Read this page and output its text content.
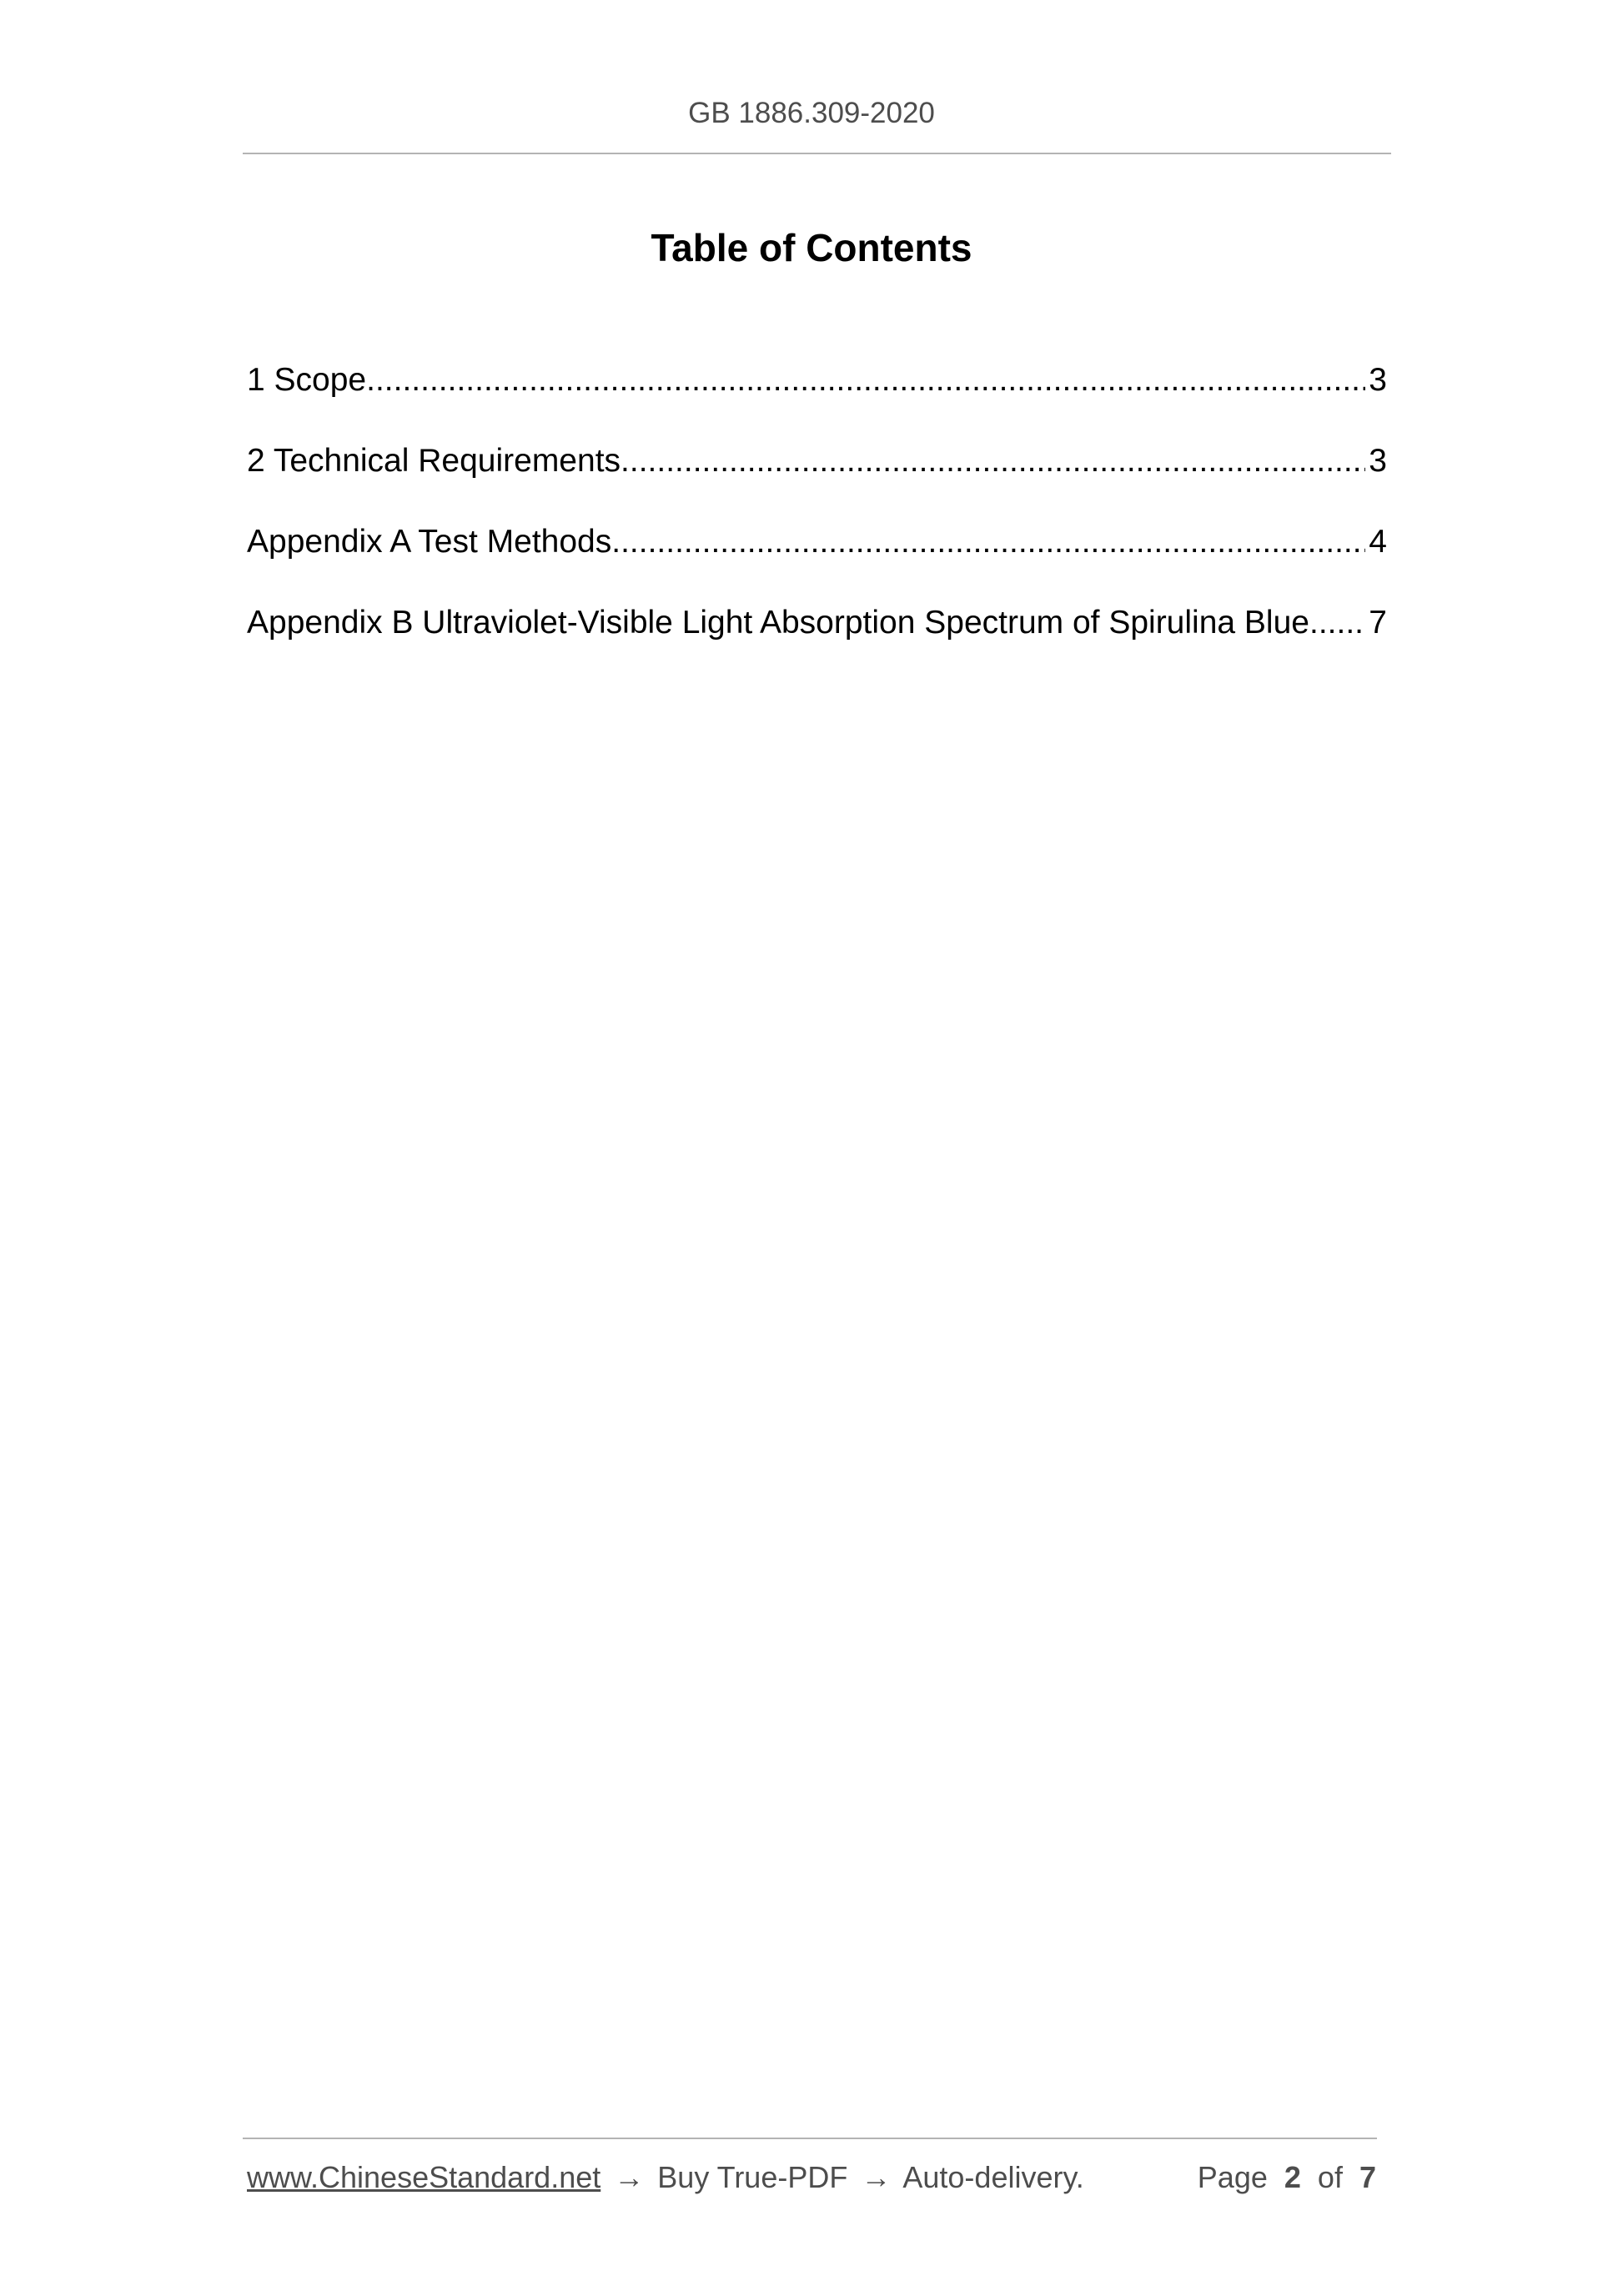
GB 1886.309-2020
Table of Contents
1 Scope .....	3
2 Technical Requirements .....	3
Appendix A Test Methods .....	4
Appendix B Ultraviolet-Visible Light Absorption Spectrum of Spirulina Blue ..... 7
www.ChineseStandard.net → Buy True-PDF → Auto-delivery.	Page 2 of 7
